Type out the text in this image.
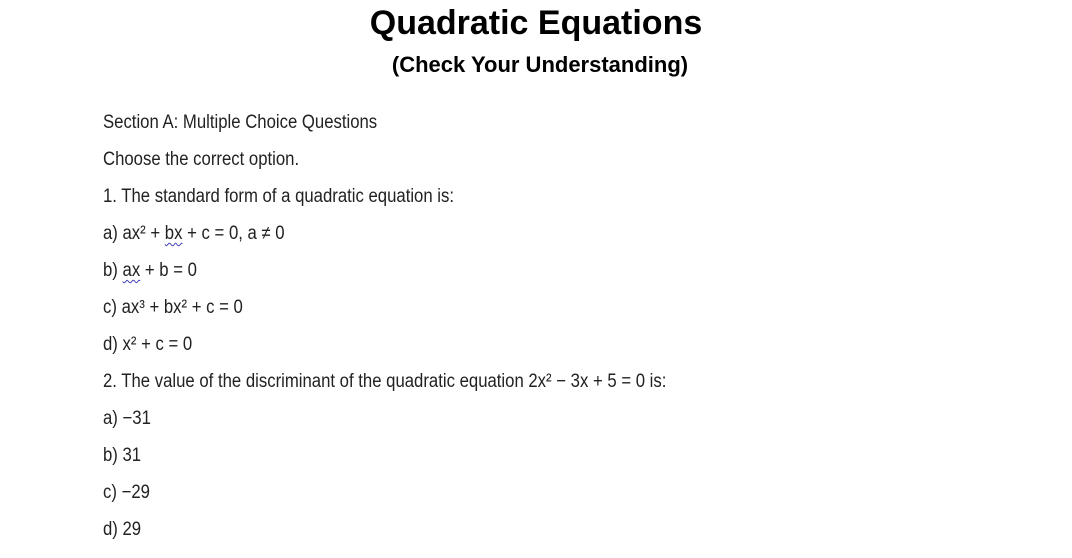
Quadratic Equations
(Check Your Understanding)
Section A: Multiple Choice Questions
Choose the correct option.
1. The standard form of a quadratic equation is:
a) ax² + bx + c = 0, a ≠ 0
b) ax + b = 0
c) ax³ + bx² + c = 0
d) x² + c = 0
2. The value of the discriminant of the quadratic equation 2x² − 3x + 5 = 0 is:
a) −31
b) 31
c) −29
d) 29
